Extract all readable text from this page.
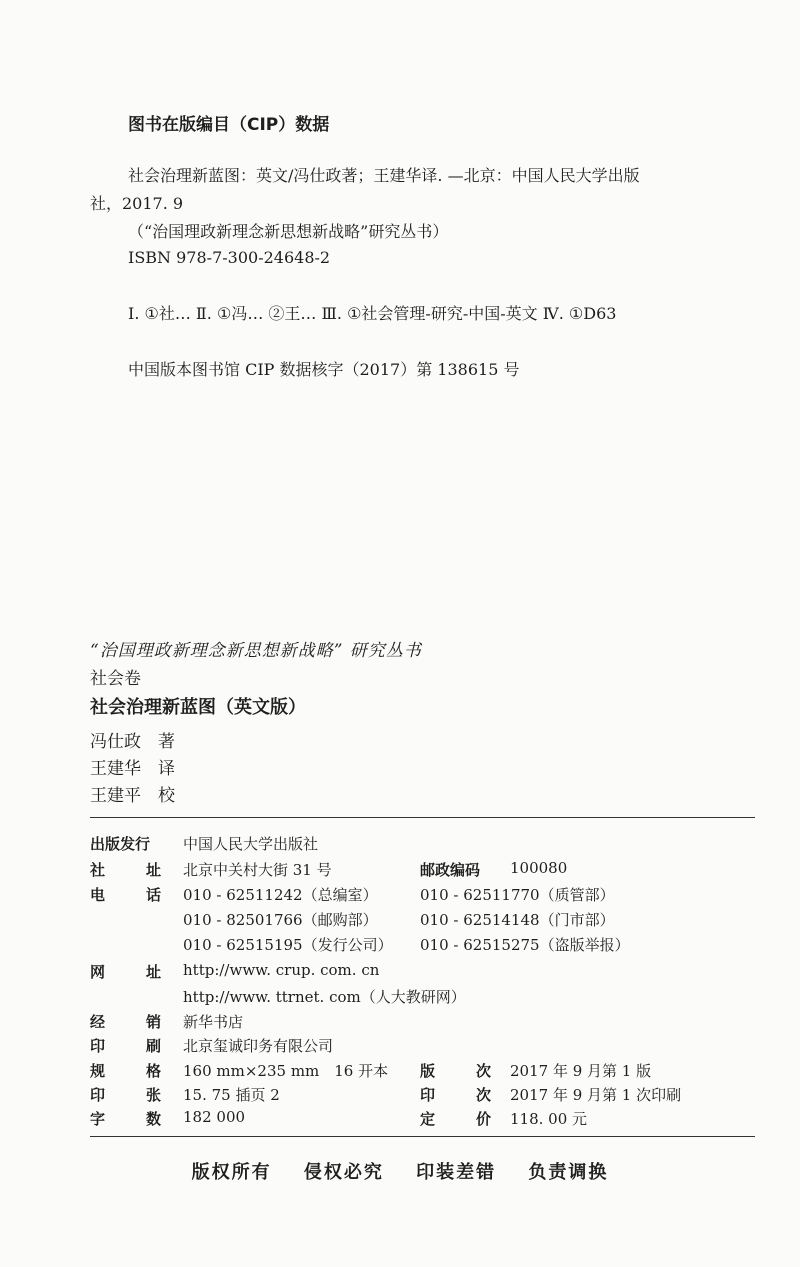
图书在版编目（CIP）数据
社会治理新蓝图：英文/冯仕政著；王建华译. —北京：中国人民大学出版
社，2017. 9
（“治国理政新理念新思想新战略”研究丛书）
ISBN 978-7-300-24648-2
Ⅰ. ①社… Ⅱ. ①冯… ②王… Ⅲ. ①社会管理-研究-中国-英文 Ⅳ. ①D63
中国版本图书馆 CIP 数据核字（2017）第 138615 号
“治国理政新理念新思想新战略” 研究丛书
社会卷
社会治理新蓝图（英文版）
冯仕政　著
王建华　译
王建平　校
出版发行	中国人民大学出版社
社	址 北京中关村大街 31 号	邮政编码	100080
电	话 010 - 62511242（总编室）	010 - 62511770（质管部）
010 - 82501766（邮购部）	010 - 62514148（门市部）
010 - 62515195（发行公司） 010 - 62515275（盗版举报）
网	址 http://www. crup. com. cn
http://www. ttrnet. com（人大教研网）
经	销 新华书店
印	刷 北京玺诚印务有限公司
规	格 160 mm×235 mm　16 开本 版	次 2017 年 9 月第 1 版
印	张 15. 75 插页 2	印	次 2017 年 9 月第 1 次印刷
字	数 182 000	定	价 118. 00 元
版权所有 侵权必究 印装差错 负责调换
